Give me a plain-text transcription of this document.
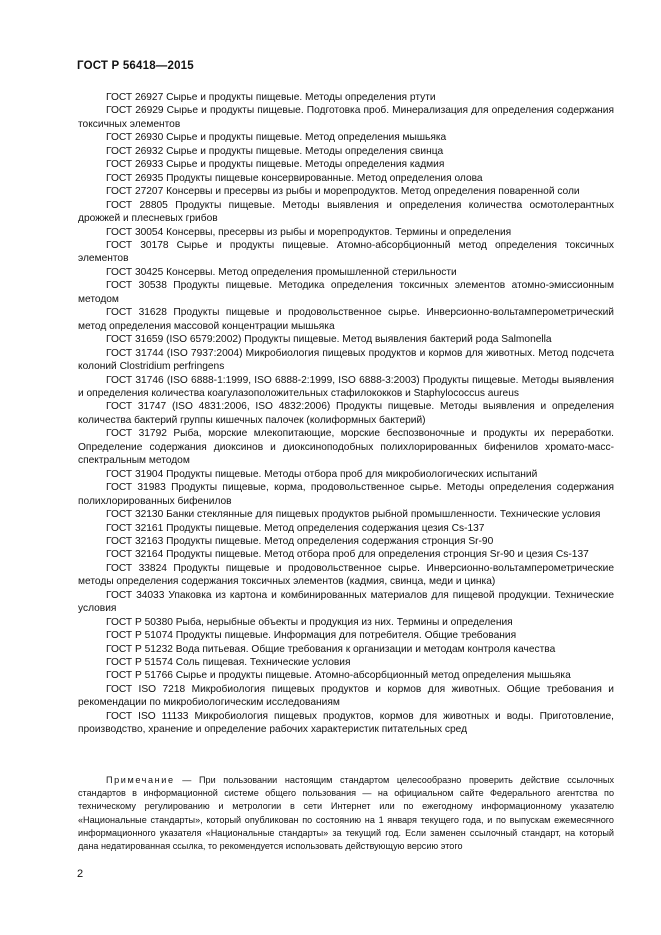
ГОСТ Р 56418—2015

ГОСТ 26927 Сырье и продукты пищевые. Методы определения ртути

ГОСТ 26929 Сырье и продукты пищевые. Подготовка проб. Минерализация для определения содержания токсичных элементов

ГОСТ 26930 Сырье и продукты пищевые. Метод определения мышьяка

ГОСТ 26932 Сырье и продукты пищевые. Методы определения свинца

ГОСТ 26933 Сырье и продукты пищевые. Методы определения кадмия

ГОСТ 26935 Продукты пищевые консервированные. Метод определения олова

ГОСТ 27207 Консервы и пресервы из рыбы и морепродуктов. Метод определения поваренной соли

ГОСТ 28805 Продукты пищевые. Методы выявления и определения количества осмотолерантных дрожжей и плесневых грибов

ГОСТ 30054 Консервы, пресервы из рыбы и морепродуктов. Термины и определения

ГОСТ 30178 Сырье и продукты пищевые. Атомно-абсорбционный метод определения токсичных элементов

ГОСТ 30425 Консервы. Метод определения промышленной стерильности

ГОСТ 30538 Продукты пищевые. Методика определения токсичных элементов атомно-эмиссионным методом

ГОСТ 31628 Продукты пищевые и продовольственное сырье. Инверсионно-вольтамперометрический метод определения массовой концентрации мышьяка

ГОСТ 31659 (ISO 6579:2002) Продукты пищевые. Метод выявления бактерий рода Salmonella

ГОСТ 31744 (ISO 7937:2004) Микробиология пищевых продуктов и кормов для животных. Метод подсчета колоний Clostridium perfringens

ГОСТ 31746 (ISO 6888-1:1999, ISO 6888-2:1999, ISO 6888-3:2003) Продукты пищевые. Методы выявления и определения количества коагулазоположительных стафилококков и Staphylococcus aureus

ГОСТ 31747 (ISO 4831:2006, ISO 4832:2006) Продукты пищевые. Методы выявления и определения количества бактерий группы кишечных палочек (колиформных бактерий)

ГОСТ 31792 Рыба, морские млекопитающие, морские беспозвоночные и продукты их переработки. Определение содержания диоксинов и диоксиноподобных полихлорированных бифенилов хромато-масс-спектральным методом

ГОСТ 31904 Продукты пищевые. Методы отбора проб для микробиологических испытаний

ГОСТ 31983 Продукты пищевые, корма, продовольственное сырье. Методы определения содержания полихлорированных бифенилов

ГОСТ 32130 Банки стеклянные для пищевых продуктов рыбной промышленности. Технические условия

ГОСТ 32161 Продукты пищевые. Метод определения содержания цезия Cs-137

ГОСТ 32163 Продукты пищевые. Метод определения содержания стронция Sr-90

ГОСТ 32164 Продукты пищевые. Метод отбора проб для определения стронция Sr-90 и цезия Cs-137

ГОСТ 33824 Продукты пищевые и продовольственное сырье. Инверсионно-вольтамперометрические методы определения содержания токсичных элементов (кадмия, свинца, меди и цинка)

ГОСТ 34033 Упаковка из картона и комбинированных материалов для пищевой продукции. Технические условия

ГОСТ Р 50380 Рыба, нерыбные объекты и продукция из них. Термины и определения

ГОСТ Р 51074 Продукты пищевые. Информация для потребителя. Общие требования

ГОСТ Р 51232 Вода питьевая. Общие требования к организации и методам контроля качества

ГОСТ Р 51574 Соль пищевая. Технические условия

ГОСТ Р 51766 Сырье и продукты пищевые. Атомно-абсорбционный метод определения мышьяка

ГОСТ ISO 7218 Микробиология пищевых продуктов и кормов для животных. Общие требования и рекомендации по микробиологическим исследованиям

ГОСТ ISO 11133 Микробиология пищевых продуктов, кормов для животных и воды. Приготовление, производство, хранение и определение рабочих характеристик питательных сред

Примечание — При пользовании настоящим стандартом целесообразно проверить действие ссылочных стандартов в информационной системе общего пользования — на официальном сайте Федерального агентства по техническому регулированию и метрологии в сети Интернет или по ежегодному информационному указателю «Национальные стандарты», который опубликован по состоянию на 1 января текущего года, и по выпускам ежемесячного информационного указателя «Национальные стандарты» за текущий год. Если заменен ссылочный стандарт, на который дана недатированная ссылка, то рекомендуется использовать действующую версию этого

2
